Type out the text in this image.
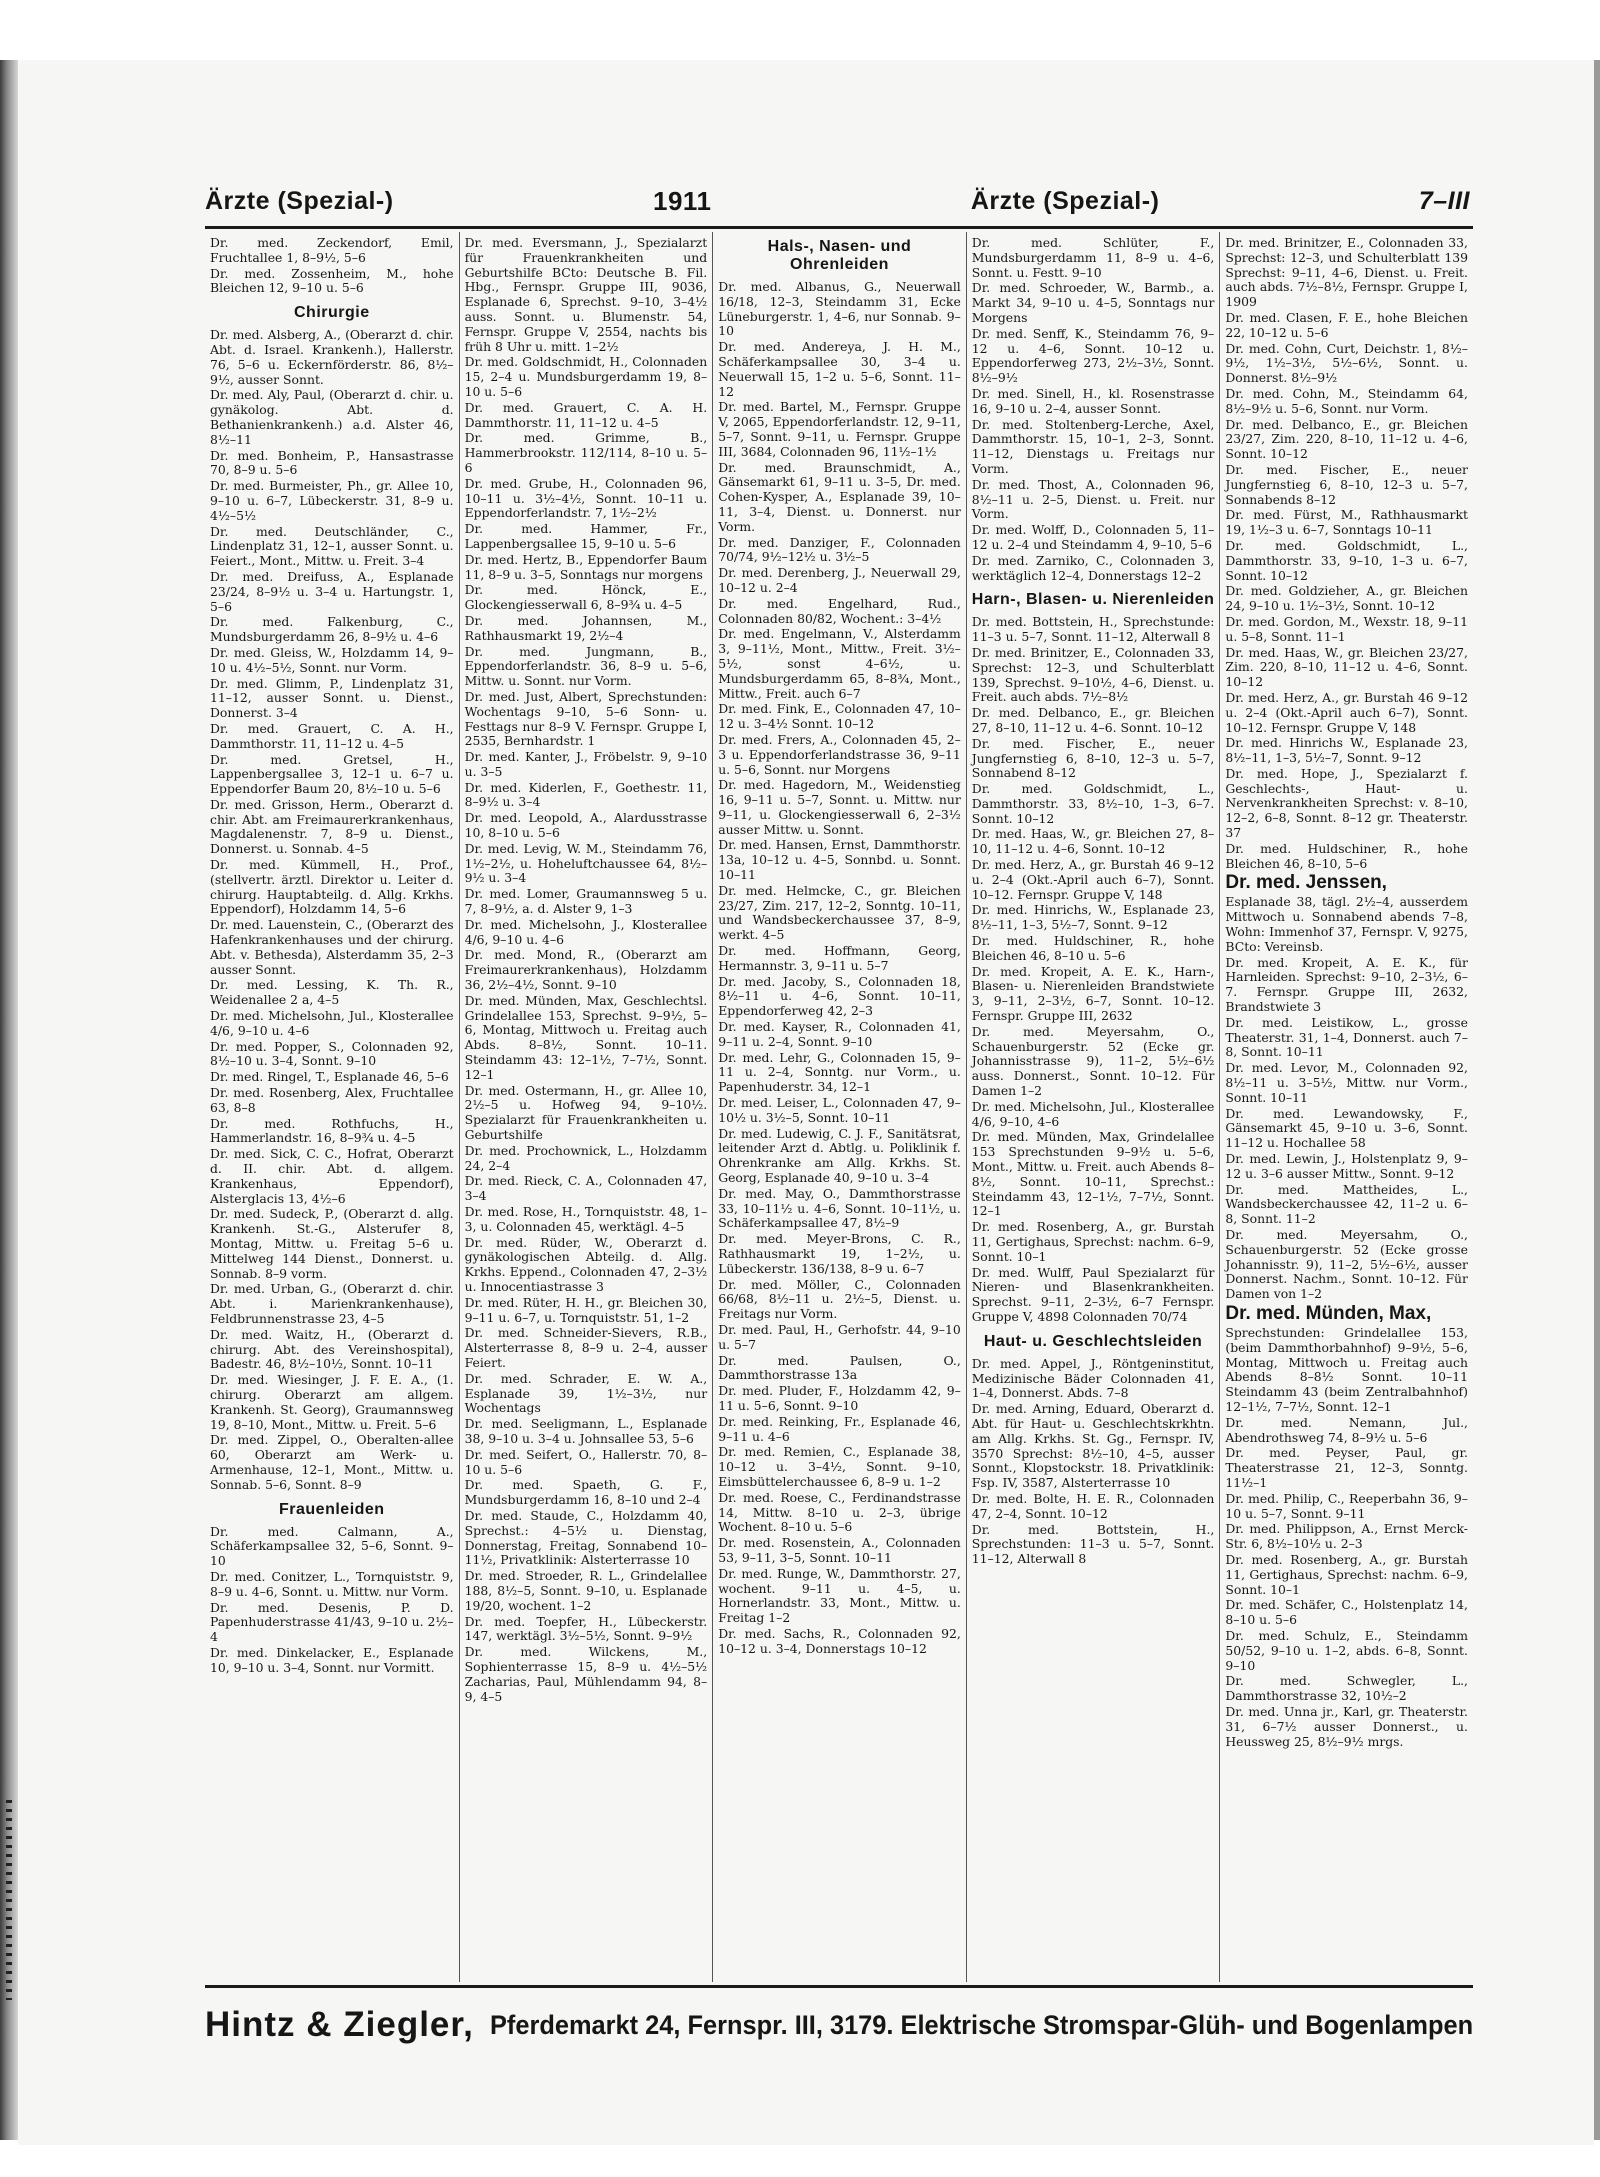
Ärzte (Spezial-)	1911	Ärzte (Spezial-)	7–III

Dr. med. Zeckendorf, Emil, Fruchtallee 1, 8–9½, 5–6

Dr. med. Zossenheim, M., hohe Bleichen 12, 9–10 u. 5–6

Chirurgie

Dr. med. Alsberg, A., (Oberarzt d. chir. Abt. d. Israel. Krankenh.), Hallerstr. 76, 5–6 u. Eckernförderstr. 86, 8½–9½, ausser Sonnt.

Dr. med. Aly, Paul, (Oberarzt d. chir. u. gynäkolog. Abt. d. Bethanienkrankenh.) a.d. Alster 46, 8½–11

Dr. med. Bonheim, P., Hansastrasse 70, 8–9 u. 5–6

Dr. med. Burmeister, Ph., gr. Allee 10, 9–10 u. 6–7, Lübeckerstr. 31, 8–9 u. 4½–5½

Dr. med. Deutschländer, C., Lindenplatz 31, 12–1, ausser Sonnt. u. Feiert., Mont., Mittw. u. Freit. 3–4

Dr. med. Dreifuss, A., Esplanade 23/24, 8–9½ u. 3–4 u. Hartungstr. 1, 5–6

Dr. med. Falkenburg, C., Mundsburgerdamm 26, 8–9½ u. 4–6

Dr. med. Gleiss, W., Holzdamm 14, 9–10 u. 4½–5½, Sonnt. nur Vorm.

Dr. med. Glimm, P., Lindenplatz 31, 11–12, ausser Sonnt. u. Dienst., Donnerst. 3–4

Dr. med. Grauert, C. A. H., Dammthorstr. 11, 11–12 u. 4–5

Dr. med. Gretsel, H., Lappenbergsallee 3, 12–1 u. 6–7 u. Eppendorfer Baum 20, 8½–10 u. 5–6

Dr. med. Grisson, Herm., Oberarzt d. chir. Abt. am Freimaurerkrankenhaus, Magdalenenstr. 7, 8–9 u. Dienst., Donnerst. u. Sonnab. 4–5

Dr. med. Kümmell, H., Prof., (stellvertr. ärztl. Direktor u. Leiter d. chirurg. Hauptabteilg. d. Allg. Krkhs. Eppendorf), Holzdamm 14, 5–6

Dr. med. Lauenstein, C., (Oberarzt des Hafenkrankenhauses und der chirurg. Abt. v. Bethesda), Alsterdamm 35, 2–3 ausser Sonnt.

Dr. med. Lessing, K. Th. R., Weidenallee 2 a, 4–5

Dr. med. Michelsohn, Jul., Klosterallee 4/6, 9–10 u. 4–6

Dr. med. Popper, S., Colonnaden 92, 8½–10 u. 3–4, Sonnt. 9–10

Dr. med. Ringel, T., Esplanade 46, 5–6

Dr. med. Rosenberg, Alex, Fruchtallee 63, 8–8

Dr. med. Rothfuchs, H., Hammerlandstr. 16, 8–9¾ u. 4–5

Dr. med. Sick, C. C., Hofrat, Oberarzt d. II. chir. Abt. d. allgem. Krankenhaus, Eppendorf), Alsterglacis 13, 4½–6

Dr. med. Sudeck, P., (Oberarzt d. allg. Krankenh. St.-G., Alsterufer 8, Montag, Mittw. u. Freitag 5–6 u. Mittelweg 144 Dienst., Donnerst. u. Sonnab. 8–9 vorm.

Dr. med. Urban, G., (Oberarzt d. chir. Abt. i. Marienkrankenhause), Feldbrunnenstrasse 23, 4–5

Dr. med. Waitz, H., (Oberarzt d. chirurg. Abt. des Vereinshospital), Badestr. 46, 8½–10½, Sonnt. 10–11

Dr. med. Wiesinger, J. F. E. A., (1. chirurg. Oberarzt am allgem. Krankenh. St. Georg), Graumannsweg 19, 8–10, Mont., Mittw. u. Freit. 5–6

Dr. med. Zippel, O., Oberalten-allee 60, Oberarzt am Werk- u. Armenhause, 12–1, Mont., Mittw. u. Sonnab. 5–6, Sonnt. 8–9

Frauenleiden

Dr. med. Calmann, A., Schäferkampsallee 32, 5–6, Sonnt. 9–10

Dr. med. Conitzer, L., Tornquiststr. 9, 8–9 u. 4–6, Sonnt. u. Mittw. nur Vorm.

Dr. med. Desenis, P. D. Papenhuderstrasse 41/43, 9–10 u. 2½–4

Dr. med. Dinkelacker, E., Esplanade 10, 9–10 u. 3–4, Sonnt. nur Vormitt.

Dr. med. Eversmann, J., Spezialarzt für Frauenkrankheiten und Geburtshilfe BCto: Deutsche B. Fil. Hbg., Fernspr. Gruppe III, 9036, Esplanade 6, Sprechst. 9–10, 3–4½ auss. Sonnt. u. Blumenstr. 54, Fernspr. Gruppe V, 2554, nachts bis früh 8 Uhr u. mitt. 1–2½

Dr. med. Goldschmidt, H., Colonnaden 15, 2–4 u. Mundsburgerdamm 19, 8–10 u. 5–6

Dr. med. Grauert, C. A. H. Dammthorstr. 11, 11–12 u. 4–5

Dr. med. Grimme, B., Hammerbrookstr. 112/114, 8–10 u. 5–6

Dr. med. Grube, H., Colonnaden 96, 10–11 u. 3½–4½, Sonnt. 10–11 u. Eppendorferlandstr. 7, 1½–2½

Dr. med. Hammer, Fr., Lappenbergsallee 15, 9–10 u. 5–6

Dr. med. Hertz, B., Eppendorfer Baum 11, 8–9 u. 3–5, Sonntags nur morgens

Dr. med. Hönck, E., Glockengiesserwall 6, 8–9¾ u. 4–5

Dr. med. Johannsen, M., Rathhausmarkt 19, 2½–4

Dr. med. Jungmann, B., Eppendorferlandstr. 36, 8–9 u. 5–6, Mittw. u. Sonnt. nur Vorm.

Dr. med. Just, Albert, Sprechstunden: Wochentags 9–10, 5–6 Sonn- u. Festtags nur 8–9 V. Fernspr. Gruppe I, 2535, Bernhardstr. 1

Dr. med. Kanter, J., Fröbelstr. 9, 9–10 u. 3–5

Dr. med. Kiderlen, F., Goethestr. 11, 8–9½ u. 3–4

Dr. med. Leopold, A., Alardusstrasse 10, 8–10 u. 5–6

Dr. med. Levig, W. M., Steindamm 76, 1½–2½, u. Hoheluftchaussee 64, 8½–9½ u. 3–4

Dr. med. Lomer, Graumannsweg 5 u. 7, 8–9½, a. d. Alster 9, 1–3

Dr. med. Michelsohn, J., Klosterallee 4/6, 9–10 u. 4–6

Dr. med. Mond, R., (Oberarzt am Freimaurerkrankenhaus), Holzdamm 36, 2½–4½, Sonnt. 9–10

Dr. med. Münden, Max, Geschlechtsl. Grindelallee 153, Sprechst. 9–9½, 5–6, Montag, Mittwoch u. Freitag auch Abds. 8–8½, Sonnt. 10–11. Steindamm 43: 12–1½, 7–7½, Sonnt. 12–1

Dr. med. Ostermann, H., gr. Allee 10, 2½–5 u. Hofweg 94, 9–10½. Spezialarzt für Frauenkrankheiten u. Geburtshilfe

Dr. med. Prochownick, L., Holzdamm 24, 2–4

Dr. med. Rieck, C. A., Colonnaden 47, 3–4

Dr. med. Rose, H., Tornquiststr. 48, 1–3, u. Colonnaden 45, werktägl. 4–5

Dr. med. Rüder, W., Oberarzt d. gynäkologischen Abteilg. d. Allg. Krkhs. Eppend., Colonnaden 47, 2–3½ u. Innocentiastrasse 3

Dr. med. Rüter, H. H., gr. Bleichen 30, 9–11 u. 6–7, u. Tornquiststr. 51, 1–2

Dr. med. Schneider-Sievers, R.B., Alsterterrasse 8, 8–9 u. 2–4, ausser Feiert.

Dr. med. Schrader, E. W. A., Esplanade 39, 1½–3½, nur Wochentags

Dr. med. Seeligmann, L., Esplanade 38, 9–10 u. 3–4 u. Johnsallee 53, 5–6

Dr. med. Seifert, O., Hallerstr. 70, 8–10 u. 5–6

Dr. med. Spaeth, G. F., Mundsburgerdamm 16, 8–10 und 2–4

Dr. med. Staude, C., Holzdamm 40, Sprechst.: 4–5½ u. Dienstag, Donnerstag, Freitag, Sonnabend 10–11½, Privatklinik: Alsterterrasse 10

Dr. med. Stroeder, R. L., Grindelallee 188, 8½–5, Sonnt. 9–10, u. Esplanade 19/20, wochent. 1–2

Dr. med. Toepfer, H., Lübeckerstr. 147, werktägl. 3½–5½, Sonnt. 9–9½

Dr. med. Wilckens, M., Sophienterrasse 15, 8–9 u. 4½–5½ Zacharias, Paul, Mühlendamm 94, 8–9, 4–5

Hals-, Nasen- und Ohrenleiden

Dr. med. Albanus, G., Neuerwall 16/18, 12–3, Steindamm 31, Ecke Lüneburgerstr. 1, 4–6, nur Sonnab. 9–10

Dr. med. Andereya, J. H. M., Schäferkampsallee 30, 3–4 u. Neuerwall 15, 1–2 u. 5–6, Sonnt. 11–12

Dr. med. Bartel, M., Fernspr. Gruppe V, 2065, Eppendorferlandstr. 12, 9–11, 5–7, Sonnt. 9–11, u. Fernspr. Gruppe III, 3684, Colonnaden 96, 11½–1½

Dr. med. Braunschmidt, A., Gänsemarkt 61, 9–11 u. 3–5, Dr. med. Cohen-Kysper, A., Esplanade 39, 10–11, 3–4, Dienst. u. Donnerst. nur Vorm.

Dr. med. Danziger, F., Colonnaden 70/74, 9½–12½ u. 3½–5

Dr. med. Derenberg, J., Neuerwall 29, 10–12 u. 2–4

Dr. med. Engelhard, Rud., Colonnaden 80/82, Wochent.: 3–4½

Dr. med. Engelmann, V., Alsterdamm 3, 9–11½, Mont., Mittw., Freit. 3½–5½, sonst 4–6½, u. Mundsburgerdamm 65, 8–8¾, Mont., Mittw., Freit. auch 6–7

Dr. med. Fink, E., Colonnaden 47, 10–12 u. 3–4½ Sonnt. 10–12

Dr. med. Frers, A., Colonnaden 45, 2–3 u. Eppendorferlandstrasse 36, 9–11 u. 5–6, Sonnt. nur Morgens

Dr. med. Hagedorn, M., Weidenstieg 16, 9–11 u. 5–7, Sonnt. u. Mittw. nur 9–11, u. Glockengiesserwall 6, 2–3½ ausser Mittw. u. Sonnt.

Dr. med. Hansen, Ernst, Dammthorstr. 13a, 10–12 u. 4–5, Sonnbd. u. Sonnt. 10–11

Dr. med. Helmcke, C., gr. Bleichen 23/27, Zim. 217, 12–2, Sonntg. 10–11, und Wandsbeckerchaussee 37, 8–9, werkt. 4–5

Dr. med. Hoffmann, Georg, Hermannstr. 3, 9–11 u. 5–7

Dr. med. Jacoby, S., Colonnaden 18, 8½–11 u. 4–6, Sonnt. 10–11, Eppendorferweg 42, 2–3

Dr. med. Kayser, R., Colonnaden 41, 9–11 u. 2–4, Sonnt. 9–10

Dr. med. Lehr, G., Colonnaden 15, 9–11 u. 2–4, Sonntg. nur Vorm., u. Papenhuderstr. 34, 12–1

Dr. med. Leiser, L., Colonnaden 47, 9–10½ u. 3½–5, Sonnt. 10–11

Dr. med. Ludewig, C. J. F., Sanitätsrat, leitender Arzt d. Abtlg. u. Poliklinik f. Ohrenkranke am Allg. Krkhs. St. Georg, Esplanade 40, 9–10 u. 3–4

Dr. med. May, O., Dammthorstrasse 33, 10–11½ u. 4–6, Sonnt. 10–11½, u. Schäferkampsallee 47, 8½–9

Dr. med. Meyer-Brons, C. R., Rathhausmarkt 19, 1–2½, u. Lübeckerstr. 136/138, 8–9 u. 6–7

Dr. med. Möller, C., Colonnaden 66/68, 8½–11 u. 2½–5, Dienst. u. Freitags nur Vorm.

Dr. med. Paul, H., Gerhofstr. 44, 9–10 u. 5–7

Dr. med. Paulsen, O., Dammthorstrasse 13a

Dr. med. Pluder, F., Holzdamm 42, 9–11 u. 5–6, Sonnt. 9–10

Dr. med. Reinking, Fr., Esplanade 46, 9–11 u. 4–6

Dr. med. Remien, C., Esplanade 38, 10–12 u. 3–4½, Sonnt. 9–10, Eimsbüttelerchaussee 6, 8–9 u. 1–2

Dr. med. Roese, C., Ferdinandstrasse 14, Mittw. 8–10 u. 2–3, übrige Wochent. 8–10 u. 5–6

Dr. med. Rosenstein, A., Colonnaden 53, 9–11, 3–5, Sonnt. 10–11

Dr. med. Runge, W., Dammthorstr. 27, wochent. 9–11 u. 4–5, u. Hornerlandstr. 33, Mont., Mittw. u. Freitag 1–2

Dr. med. Sachs, R., Colonnaden 92, 10–12 u. 3–4, Donnerstags 10–12

Dr. med. Schlüter, F., Mundsburgerdamm 11, 8–9 u. 4–6, Sonnt. u. Festt. 9–10

Dr. med. Schroeder, W., Barmb., a. Markt 34, 9–10 u. 4–5, Sonntags nur Morgens

Dr. med. Senff, K., Steindamm 76, 9–12 u. 4–6, Sonnt. 10–12 u. Eppendorferweg 273, 2½–3½, Sonnt. 8½–9½

Dr. med. Sinell, H., kl. Rosenstrasse 16, 9–10 u. 2–4, ausser Sonnt.

Dr. med. Stoltenberg-Lerche, Axel, Dammthorstr. 15, 10–1, 2–3, Sonnt. 11–12, Dienstags u. Freitags nur Vorm.

Dr. med. Thost, A., Colonnaden 96, 8½–11 u. 2–5, Dienst. u. Freit. nur Vorm.

Dr. med. Wolff, D., Colonnaden 5, 11–12 u. 2–4 und Steindamm 4, 9–10, 5–6

Dr. med. Zarniko, C., Colonnaden 3, werktäglich 12–4, Donnerstags 12–2

Harn-, Blasen- u. Nierenleiden

Dr. med. Bottstein, H., Sprechstunde: 11–3 u. 5–7, Sonnt. 11–12, Alterwall 8

Dr. med. Brinitzer, E., Colonnaden 33, Sprechst: 12–3, und Schulterblatt 139, Sprechst. 9–10½, 4–6, Dienst. u. Freit. auch abds. 7½–8½

Dr. med. Delbanco, E., gr. Bleichen 27, 8–10, 11–12 u. 4–6. Sonnt. 10–12

Dr. med. Fischer, E., neuer Jungfernstieg 6, 8–10, 12–3 u. 5–7, Sonnabend 8–12

Dr. med. Goldschmidt, L., Dammthorstr. 33, 8½–10, 1–3, 6–7. Sonnt. 10–12

Dr. med. Haas, W., gr. Bleichen 27, 8–10, 11–12 u. 4–6, Sonnt. 10–12

Dr. med. Herz, A., gr. Burstah 46 9–12 u. 2–4 (Okt.-April auch 6–7), Sonnt. 10–12. Fernspr. Gruppe V, 148

Dr. med. Hinrichs, W., Esplanade 23, 8½–11, 1–3, 5½–7, Sonnt. 9–12

Dr. med. Huldschiner, R., hohe Bleichen 46, 8–10 u. 5–6

Dr. med. Kropeit, A. E. K., Harn-, Blasen- u. Nierenleiden Brandstwiete 3, 9–11, 2–3½, 6–7, Sonnt. 10–12. Fernspr. Gruppe III, 2632

Dr. med. Meyersahm, O., Schauenburgerstr. 52 (Ecke gr. Johannisstrasse 9), 11–2, 5½–6½ auss. Donnerst., Sonnt. 10–12. Für Damen 1–2

Dr. med. Michelsohn, Jul., Klosterallee 4/6, 9–10, 4–6

Dr. med. Münden, Max, Grindelallee 153 Sprechstunden 9–9½ u. 5–6, Mont., Mittw. u. Freit. auch Abends 8–8½, Sonnt. 10–11, Sprechst.: Steindamm 43, 12–1½, 7–7½, Sonnt. 12–1

Dr. med. Rosenberg, A., gr. Burstah 11, Gertighaus, Sprechst: nachm. 6–9, Sonnt. 10–1

Dr. med. Wulff, Paul Spezialarzt für Nieren- und Blasenkrankheiten. Sprechst. 9–11, 2–3½, 6–7 Fernspr. Gruppe V, 4898 Colonnaden 70/74

Haut- u. Geschlechtsleiden

Dr. med. Appel, J., Röntgeninstitut, Medizinische Bäder Colonnaden 41, 1–4, Donnerst. Abds. 7–8

Dr. med. Arning, Eduard, Oberarzt d. Abt. für Haut- u. Geschlechtskrkhtn. am Allg. Krkhs. St. Gg., Fernspr. IV, 3570 Sprechst: 8½–10, 4–5, ausser Sonnt., Klopstockstr. 18. Privatklinik: Fsp. IV, 3587, Alsterterrasse 10

Dr. med. Bolte, H. E. R., Colonnaden 47, 2–4, Sonnt. 10–12

Dr. med. Bottstein, H., Sprechstunden: 11–3 u. 5–7, Sonnt. 11–12, Alterwall 8

Dr. med. Brinitzer, E., Colonnaden 33, Sprechst: 12–3, und Schulterblatt 139 Sprechst: 9–11, 4–6, Dienst. u. Freit. auch abds. 7½–8½, Fernspr. Gruppe I, 1909

Dr. med. Clasen, F. E., hohe Bleichen 22, 10–12 u. 5–6

Dr. med. Cohn, Curt, Deichstr. 1, 8½–9½, 1½–3½, 5½–6½, Sonnt. u. Donnerst. 8½–9½

Dr. med. Cohn, M., Steindamm 64, 8½–9½ u. 5–6, Sonnt. nur Vorm.

Dr. med. Delbanco, E., gr. Bleichen 23/27, Zim. 220, 8–10, 11–12 u. 4–6, Sonnt. 10–12

Dr. med. Fischer, E., neuer Jungfernstieg 6, 8–10, 12–3 u. 5–7, Sonnabends 8–12

Dr. med. Fürst, M., Rathhausmarkt 19, 1½–3 u. 6–7, Sonntags 10–11

Dr. med. Goldschmidt, L., Dammthorstr. 33, 9–10, 1–3 u. 6–7, Sonnt. 10–12

Dr. med. Goldzieher, A., gr. Bleichen 24, 9–10 u. 1½–3½, Sonnt. 10–12

Dr. med. Gordon, M., Wexstr. 18, 9–11 u. 5–8, Sonnt. 11–1

Dr. med. Haas, W., gr. Bleichen 23/27, Zim. 220, 8–10, 11–12 u. 4–6, Sonnt. 10–12

Dr. med. Herz, A., gr. Burstah 46 9–12 u. 2–4 (Okt.-April auch 6–7), Sonnt. 10–12. Fernspr. Gruppe V, 148

Dr. med. Hinrichs W., Esplanade 23, 8½–11, 1–3, 5½–7, Sonnt. 9–12

Dr. med. Hope, J., Spezialarzt f. Geschlechts-, Haut- u. Nervenkrankheiten Sprechst: v. 8–10, 12–2, 6–8, Sonnt. 8–12 gr. Theaterstr. 37

Dr. med. Huldschiner, R., hohe Bleichen 46, 8–10, 5–6

Dr. med. Jenssen,

Esplanade 38, tägl. 2½–4, ausserdem Mittwoch u. Sonnabend abends 7–8, Wohn: Immenhof 37, Fernspr. V, 9275, BCto: Vereinsb.

Dr. med. Kropeit, A. E. K., für Harnleiden. Sprechst: 9–10, 2–3½, 6–7. Fernspr. Gruppe III, 2632, Brandstwiete 3

Dr. med. Leistikow, L., grosse Theaterstr. 31, 1–4, Donnerst. auch 7–8, Sonnt. 10–11

Dr. med. Levor, M., Colonnaden 92, 8½–11 u. 3–5½, Mittw. nur Vorm., Sonnt. 10–11

Dr. med. Lewandowsky, F., Gänsemarkt 45, 9–10 u. 3–6, Sonnt. 11–12 u. Hochallee 58

Dr. med. Lewin, J., Holstenplatz 9, 9–12 u. 3–6 ausser Mittw., Sonnt. 9–12

Dr. med. Mattheides, L., Wandsbeckerchaussee 42, 11–2 u. 6–8, Sonnt. 11–2

Dr. med. Meyersahm, O., Schauenburgerstr. 52 (Ecke grosse Johannisstr. 9), 11–2, 5½–6½, ausser Donnerst. Nachm., Sonnt. 10–12. Für Damen von 1–2

Dr. med. Münden, Max,

Sprechstunden: Grindelallee 153, (beim Dammthorbahnhof) 9–9½, 5–6, Montag, Mittwoch u. Freitag auch Abends 8–8½ Sonnt. 10–11 Steindamm 43 (beim Zentralbahnhof) 12–1½, 7–7½, Sonnt. 12–1

Dr. med. Nemann, Jul., Abendrothsweg 74, 8–9½ u. 5–6

Dr. med. Peyser, Paul, gr. Theaterstrasse 21, 12–3, Sonntg. 11½–1

Dr. med. Philip, C., Reeperbahn 36, 9–10 u. 5–7, Sonnt. 9–11

Dr. med. Philippson, A., Ernst Merck-Str. 6, 8½–10½ u. 2–3

Dr. med. Rosenberg, A., gr. Burstah 11, Gertighaus, Sprechst: nachm. 6–9, Sonnt. 10–1

Dr. med. Schäfer, C., Holstenplatz 14, 8–10 u. 5–6

Dr. med. Schulz, E., Steindamm 50/52, 9–10 u. 1–2, abds. 6–8, Sonnt. 9–10

Dr. med. Schwegler, L., Dammthorstrasse 32, 10½–2

Dr. med. Unna jr., Karl, gr. Theaterstr. 31, 6–7½ ausser Donnerst., u. Heussweg 25, 8½–9½ mrgs.

Hintz & Ziegler, Pferdemarkt 24, Fernspr. III, 3179. Elektrische Stromspar-Glüh- und Bogenlampen
